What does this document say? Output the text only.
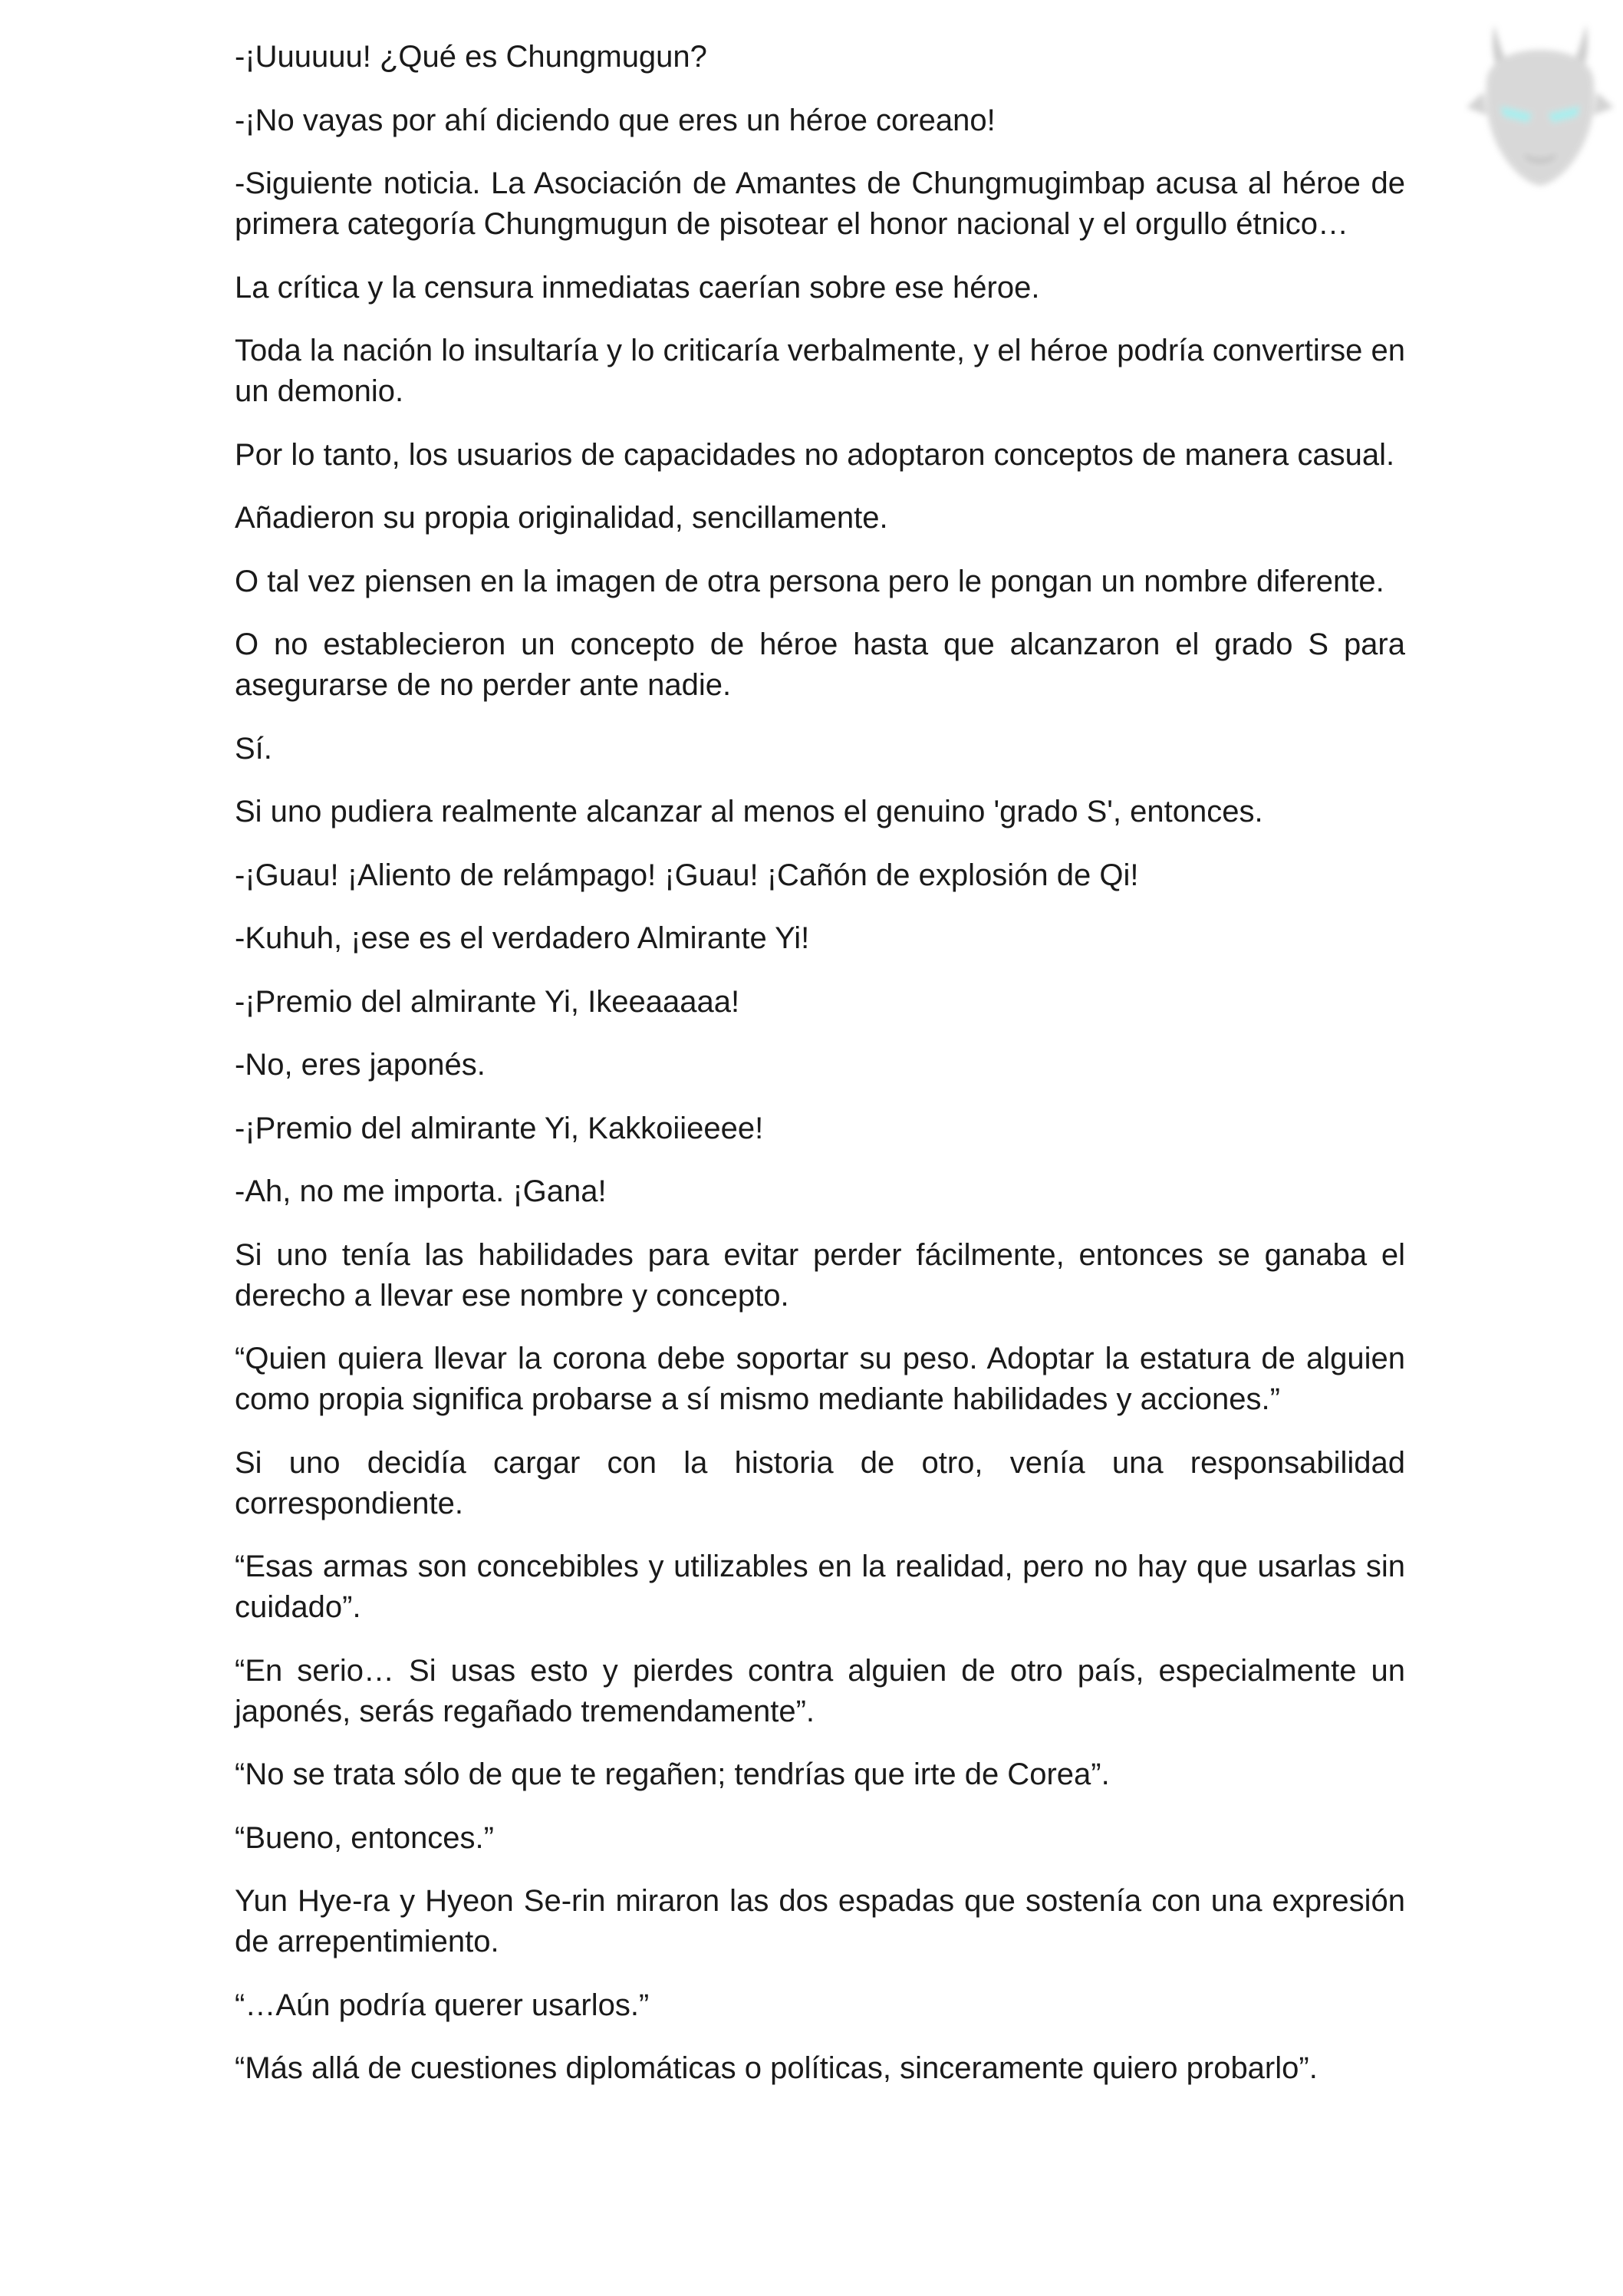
-¡Uuuuuu! ¿Qué es Chungmugun?

-¡No vayas por ahí diciendo que eres un héroe coreano!

-Siguiente noticia. La Asociación de Amantes de Chungmugimbap acusa al héroe de primera categoría Chungmugun de pisotear el honor nacional y el orgullo étnico…

La crítica y la censura inmediatas caerían sobre ese héroe.

Toda la nación lo insultaría y lo criticaría verbalmente, y el héroe podría convertirse en un demonio.

Por lo tanto, los usuarios de capacidades no adoptaron conceptos de manera casual.

Añadieron su propia originalidad, sencillamente.

O tal vez piensen en la imagen de otra persona pero le pongan un nombre diferente.

O no establecieron un concepto de héroe hasta que alcanzaron el grado S para asegurarse de no perder ante nadie.

Sí.

Si uno pudiera realmente alcanzar al menos el genuino 'grado S', entonces.

-¡Guau! ¡Aliento de relámpago! ¡Guau! ¡Cañón de explosión de Qi!

-Kuhuh, ¡ese es el verdadero Almirante Yi!

-¡Premio del almirante Yi, Ikeeaaaaa!

-No, eres japonés.

-¡Premio del almirante Yi, Kakkoiieeee!

-Ah, no me importa. ¡Gana!

Si uno tenía las habilidades para evitar perder fácilmente, entonces se ganaba el derecho a llevar ese nombre y concepto.

“Quien quiera llevar la corona debe soportar su peso. Adoptar la estatura de alguien como propia significa probarse a sí mismo mediante habilidades y acciones.”

Si uno decidía cargar con la historia de otro, venía una responsabilidad correspondiente.

“Esas armas son concebibles y utilizables en la realidad, pero no hay que usarlas sin cuidado”.

“En serio… Si usas esto y pierdes contra alguien de otro país, especialmente un japonés, serás regañado tremendamente”.

“No se trata sólo de que te regañen; tendrías que irte de Corea”.

“Bueno, entonces.”

Yun Hye-ra y Hyeon Se-rin miraron las dos espadas que sostenía con una expresión de arrepentimiento.

“…Aún podría querer usarlos.”

“Más allá de cuestiones diplomáticas o políticas, sinceramente quiero probarlo”.
